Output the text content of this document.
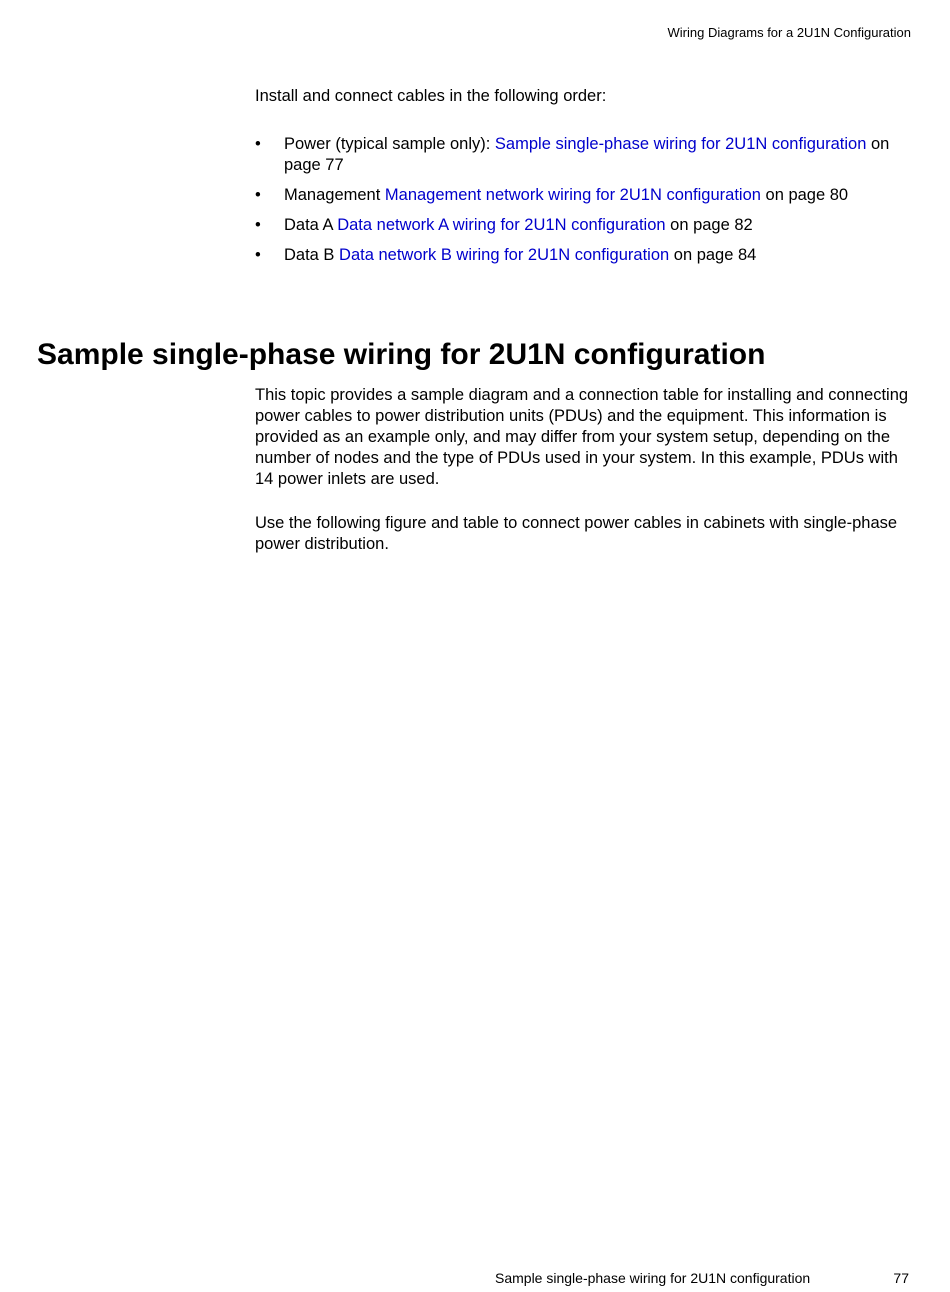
Wiring Diagrams for a 2U1N Configuration

Install and connect cables in the following order:

• Power (typical sample only): Sample single-phase wiring for 2U1N configuration on page 77
• Management Management network wiring for 2U1N configuration on page 80
• Data A Data network A wiring for 2U1N configuration on page 82
• Data B Data network B wiring for 2U1N configuration on page 84
Sample single-phase wiring for 2U1N configuration

This topic provides a sample diagram and a connection table for installing and connecting power cables to power distribution units (PDUs) and the equipment. This information is provided as an example only, and may differ from your system setup, depending on the number of nodes and the type of PDUs used in your system. In this example, PDUs with 14 power inlets are used.

Use the following figure and table to connect power cables in cabinets with single-phase power distribution.

Sample single-phase wiring for 2U1N configuration	77
